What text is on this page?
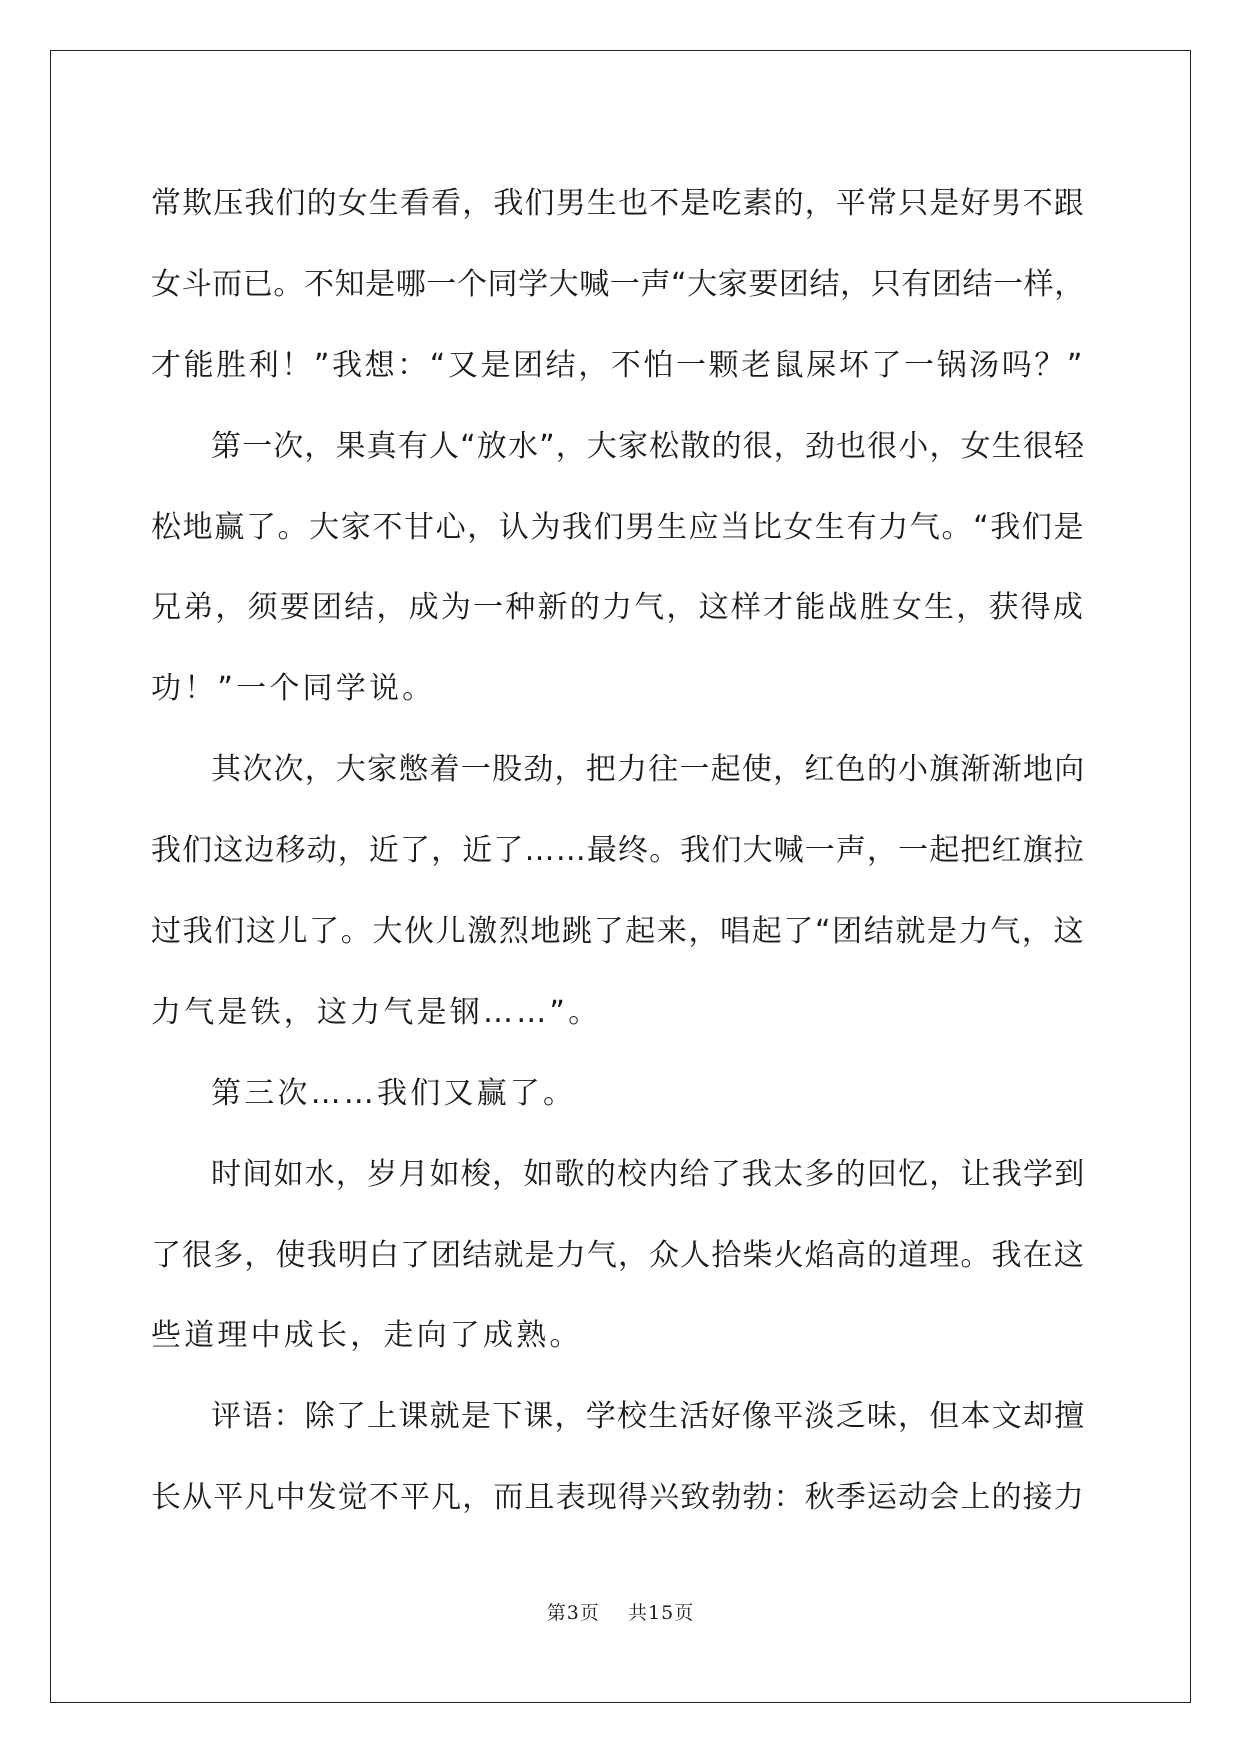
常欺压我们的女生看看，我们男生也不是吃素的，平常只是好男不跟
女斗而已。不知是哪一个同学大喊一声“大家要团结，只有团结一样，
才能胜利！”我想：“又是团结，不怕一颗老鼠屎坏了一锅汤吗？”
第一次，果真有人“放水”，大家松散的很，劲也很小，女生很轻
松地赢了。大家不甘心，认为我们男生应当比女生有力气。“我们是
兄弟，须要团结，成为一种新的力气，这样才能战胜女生，获得成
功！”一个同学说。
其次次，大家憋着一股劲，把力往一起使，红色的小旗渐渐地向
我们这边移动，近了，近了……最终。我们大喊一声，一起把红旗拉
过我们这儿了。大伙儿激烈地跳了起来，唱起了“团结就是力气，这
力气是铁，这力气是钢……”。
第三次……我们又赢了。
时间如水，岁月如梭，如歌的校内给了我太多的回忆，让我学到
了很多，使我明白了团结就是力气，众人拾柴火焰高的道理。我在这
些道理中成长，走向了成熟。
评语：除了上课就是下课，学校生活好像平淡乏味，但本文却擅
长从平凡中发觉不平凡，而且表现得兴致勃勃：秋季运动会上的接力
第3页 共15页
